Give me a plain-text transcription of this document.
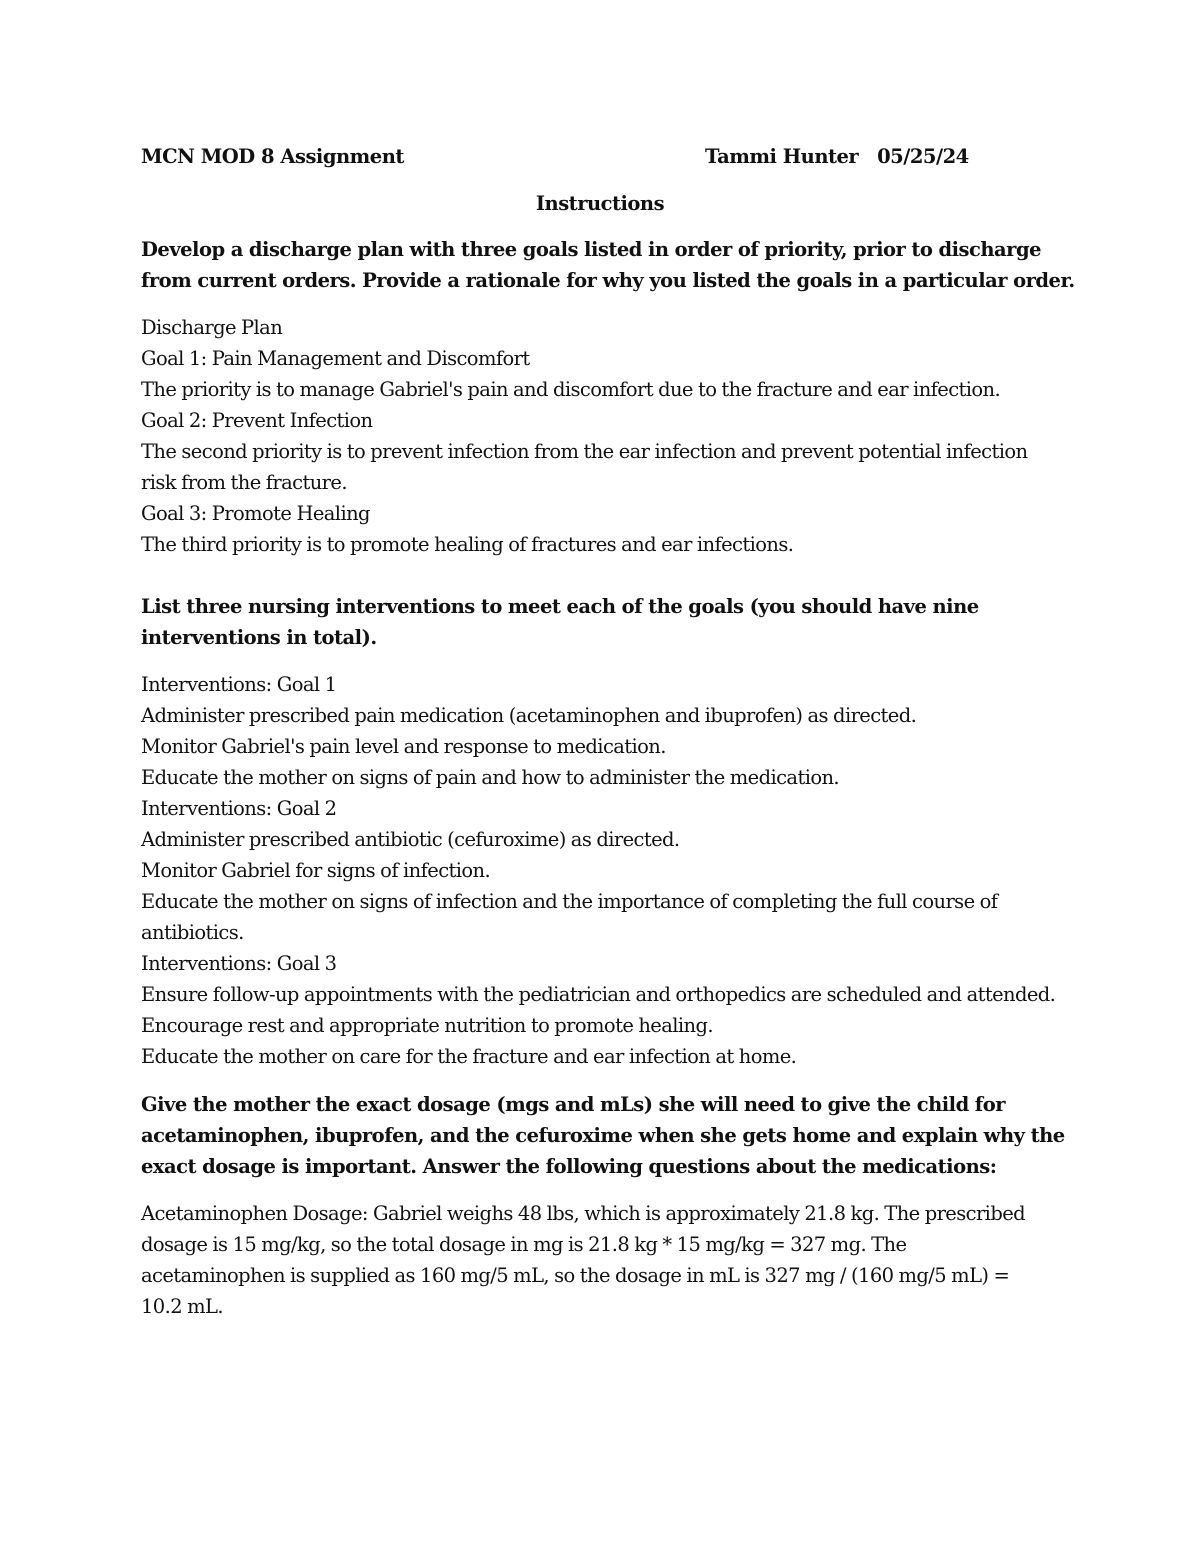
MCN MOD 8 Assignment	Tammi Hunter 05/25/24
Instructions
Develop a discharge plan with three goals listed in order of priority, prior to discharge
from current orders. Provide a rationale for why you listed the goals in a particular order.
Discharge Plan
Goal 1: Pain Management and Discomfort
The priority is to manage Gabriel's pain and discomfort due to the fracture and ear infection.
Goal 2: Prevent Infection
The second priority is to prevent infection from the ear infection and prevent potential infection
risk from the fracture.
Goal 3: Promote Healing
The third priority is to promote healing of fractures and ear infections.
List three nursing interventions to meet each of the goals (you should have nine
interventions in total).
Interventions: Goal 1
Administer prescribed pain medication (acetaminophen and ibuprofen) as directed.
Monitor Gabriel's pain level and response to medication.
Educate the mother on signs of pain and how to administer the medication.
Interventions: Goal 2
Administer prescribed antibiotic (cefuroxime) as directed.
Monitor Gabriel for signs of infection.
Educate the mother on signs of infection and the importance of completing the full course of
antibiotics.
Interventions: Goal 3
Ensure follow-up appointments with the pediatrician and orthopedics are scheduled and attended.
Encourage rest and appropriate nutrition to promote healing.
Educate the mother on care for the fracture and ear infection at home.
Give the mother the exact dosage (mgs and mLs) she will need to give the child for
acetaminophen, ibuprofen, and the cefuroxime when she gets home and explain why the
exact dosage is important. Answer the following questions about the medications:
Acetaminophen Dosage: Gabriel weighs 48 lbs, which is approximately 21.8 kg. The prescribed
dosage is 15 mg/kg, so the total dosage in mg is 21.8 kg * 15 mg/kg = 327 mg. The
acetaminophen is supplied as 160 mg/5 mL, so the dosage in mL is 327 mg / (160 mg/5 mL) =
10.2 mL.
